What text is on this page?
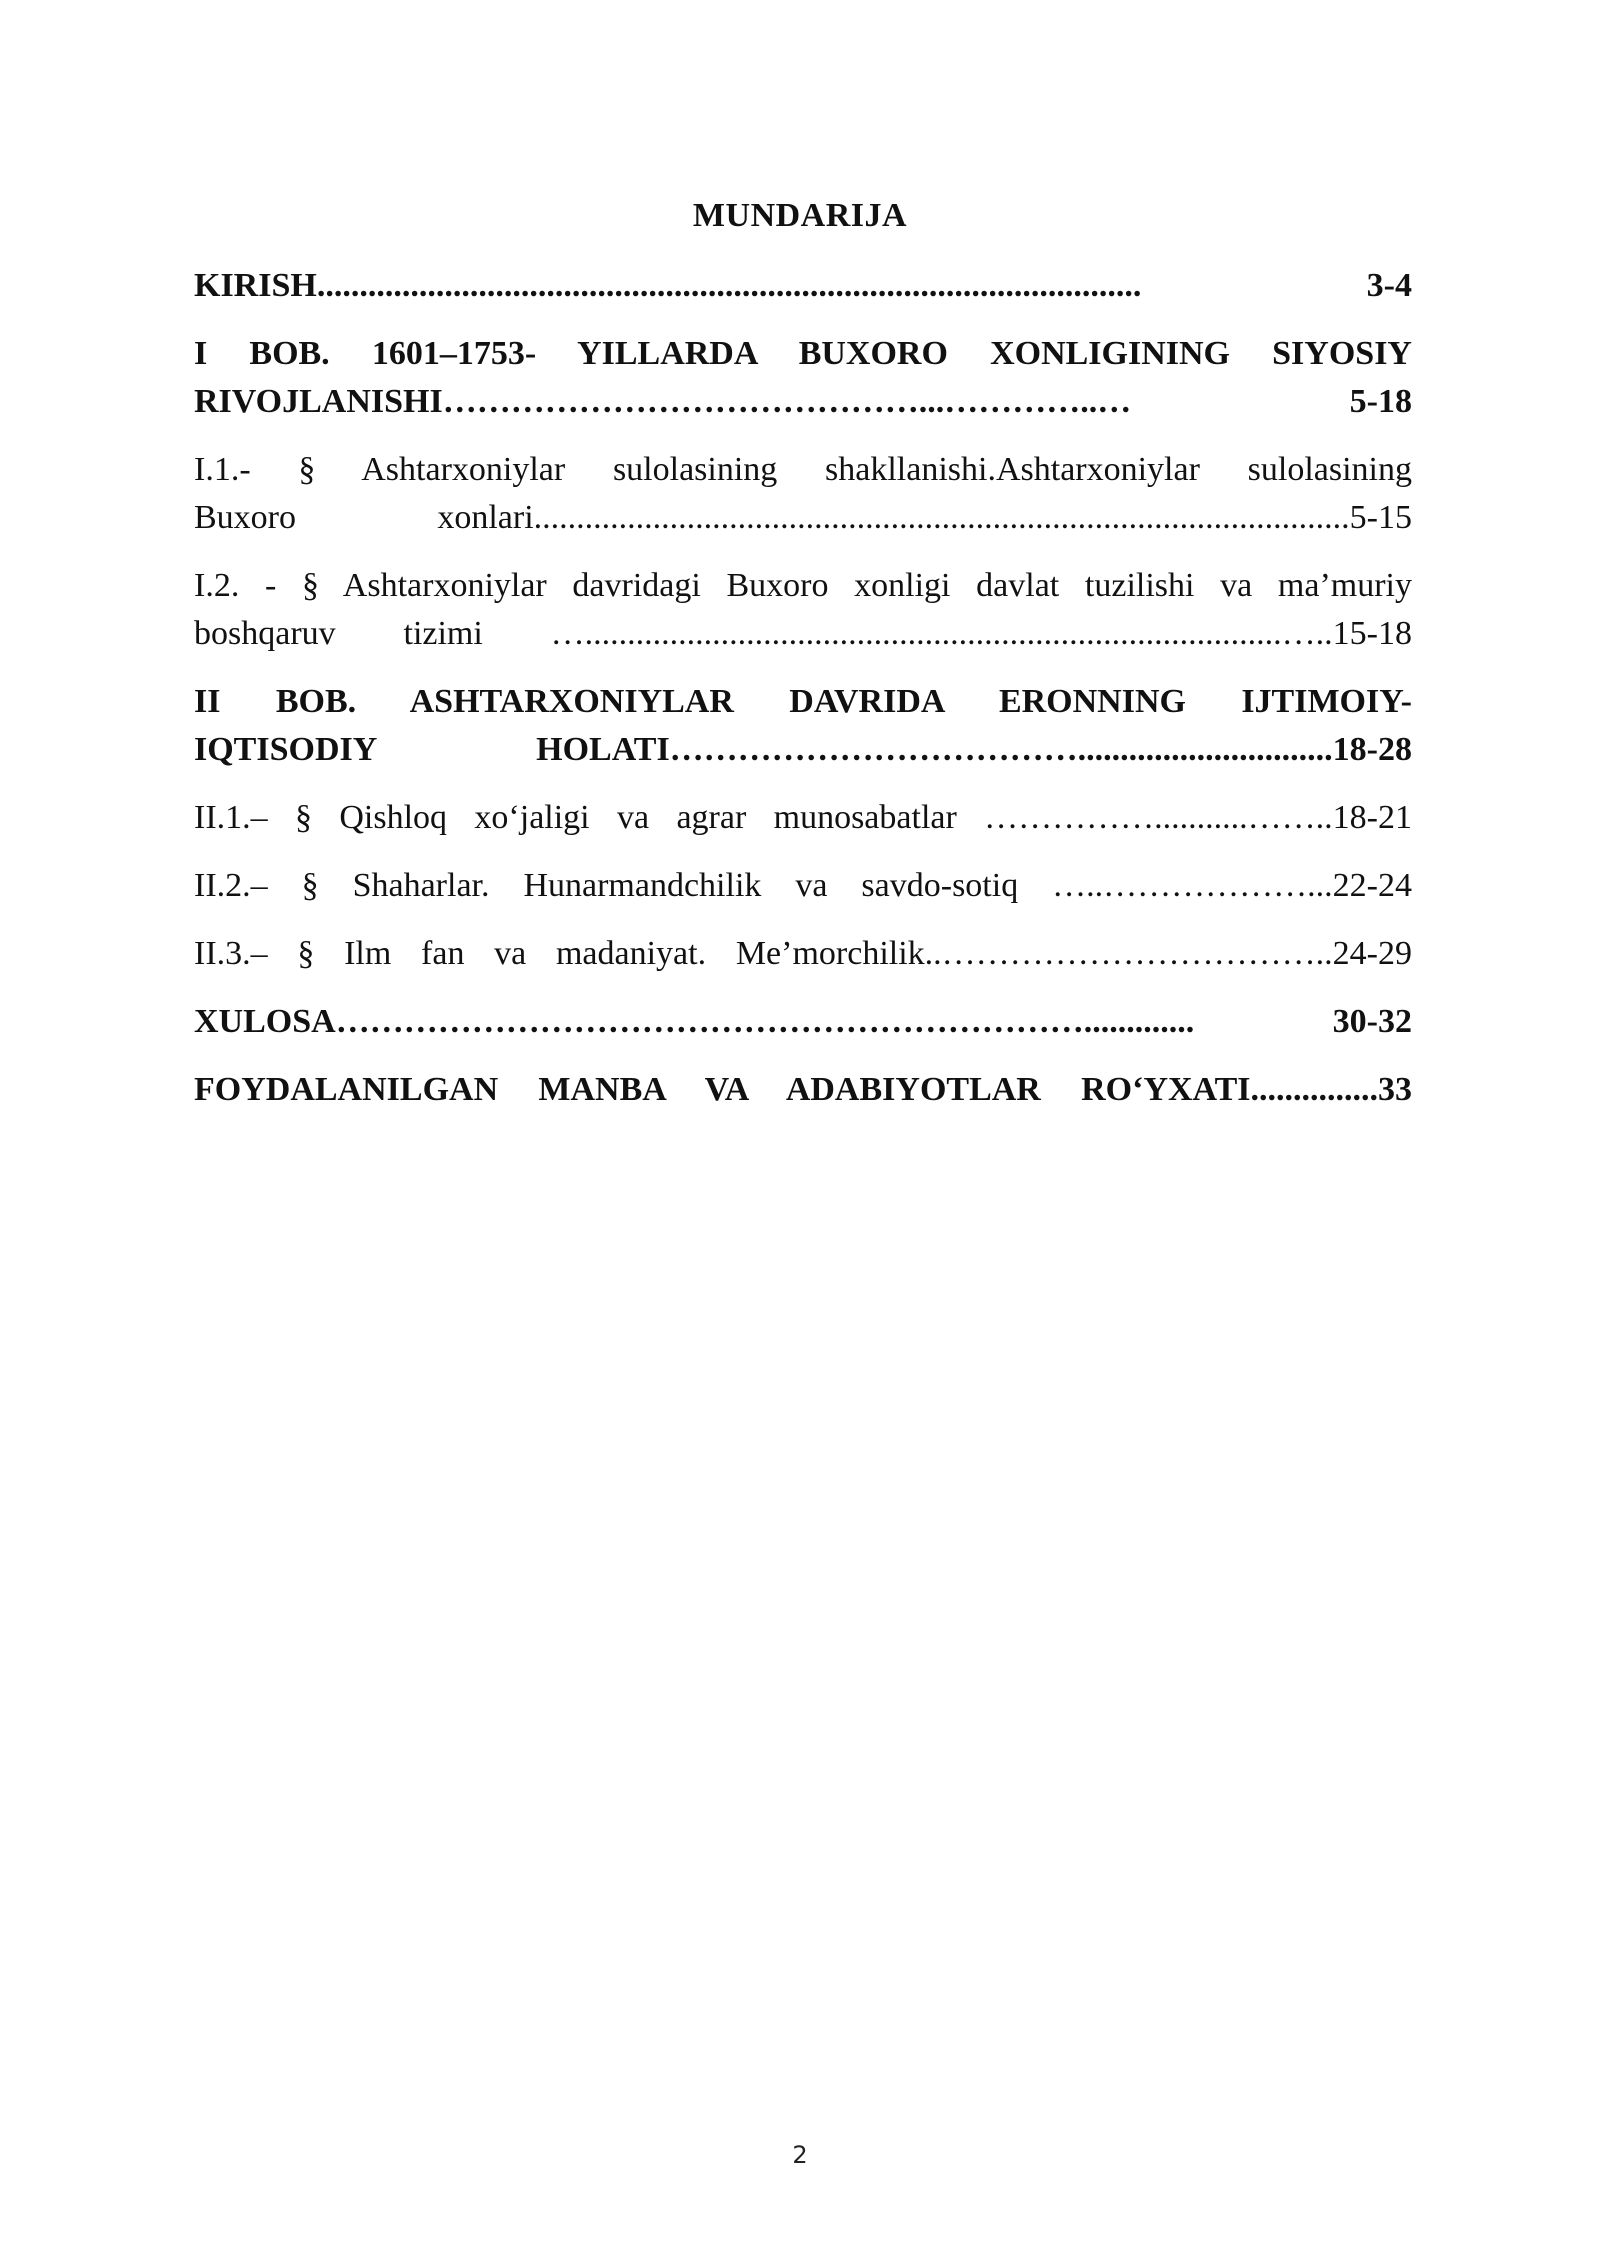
MUNDARIJA
KIRISH.................................................................................................	3-4
I BOB. 1601–1753- YILLARDA BUXORO XONLIGINING SIYOSIY
RIVOJLANISHI……………………………………...…………..…	5-18
I.1.- § Ashtarxoniylar sulolasining shakllanishi.Ashtarxoniylar sulolasining
Buxoro xonlari................................................................................................ 5-15
I.2. - § Ashtarxoniylar davridagi Buxoro xonligi davlat tuzilishi va ma’muriy
boshqaruv tizimi …..................................................................................….. 15-18
II BOB. ASHTARXONIYLAR DAVRIDA ERONNING IJTIMOIY-
IQTISODIY HOLATI……………………………….............................. 18-28
II.1.– § Qishloq xo‘jaligi va agrar munosabatlar ……………...........…….. 18-21
II.2.– § Shaharlar. Hunarmandchilik va savdo-sotiq …..………………... 22-24
II.3.– § Ilm fan va madaniyat. Me’morchilik..…………………………….. 24-29
XULOSA………………………………………………………….............	30-32
FOYDALANILGAN MANBA VA ADABIYOTLAR RO‘YXATI............... 33
2
